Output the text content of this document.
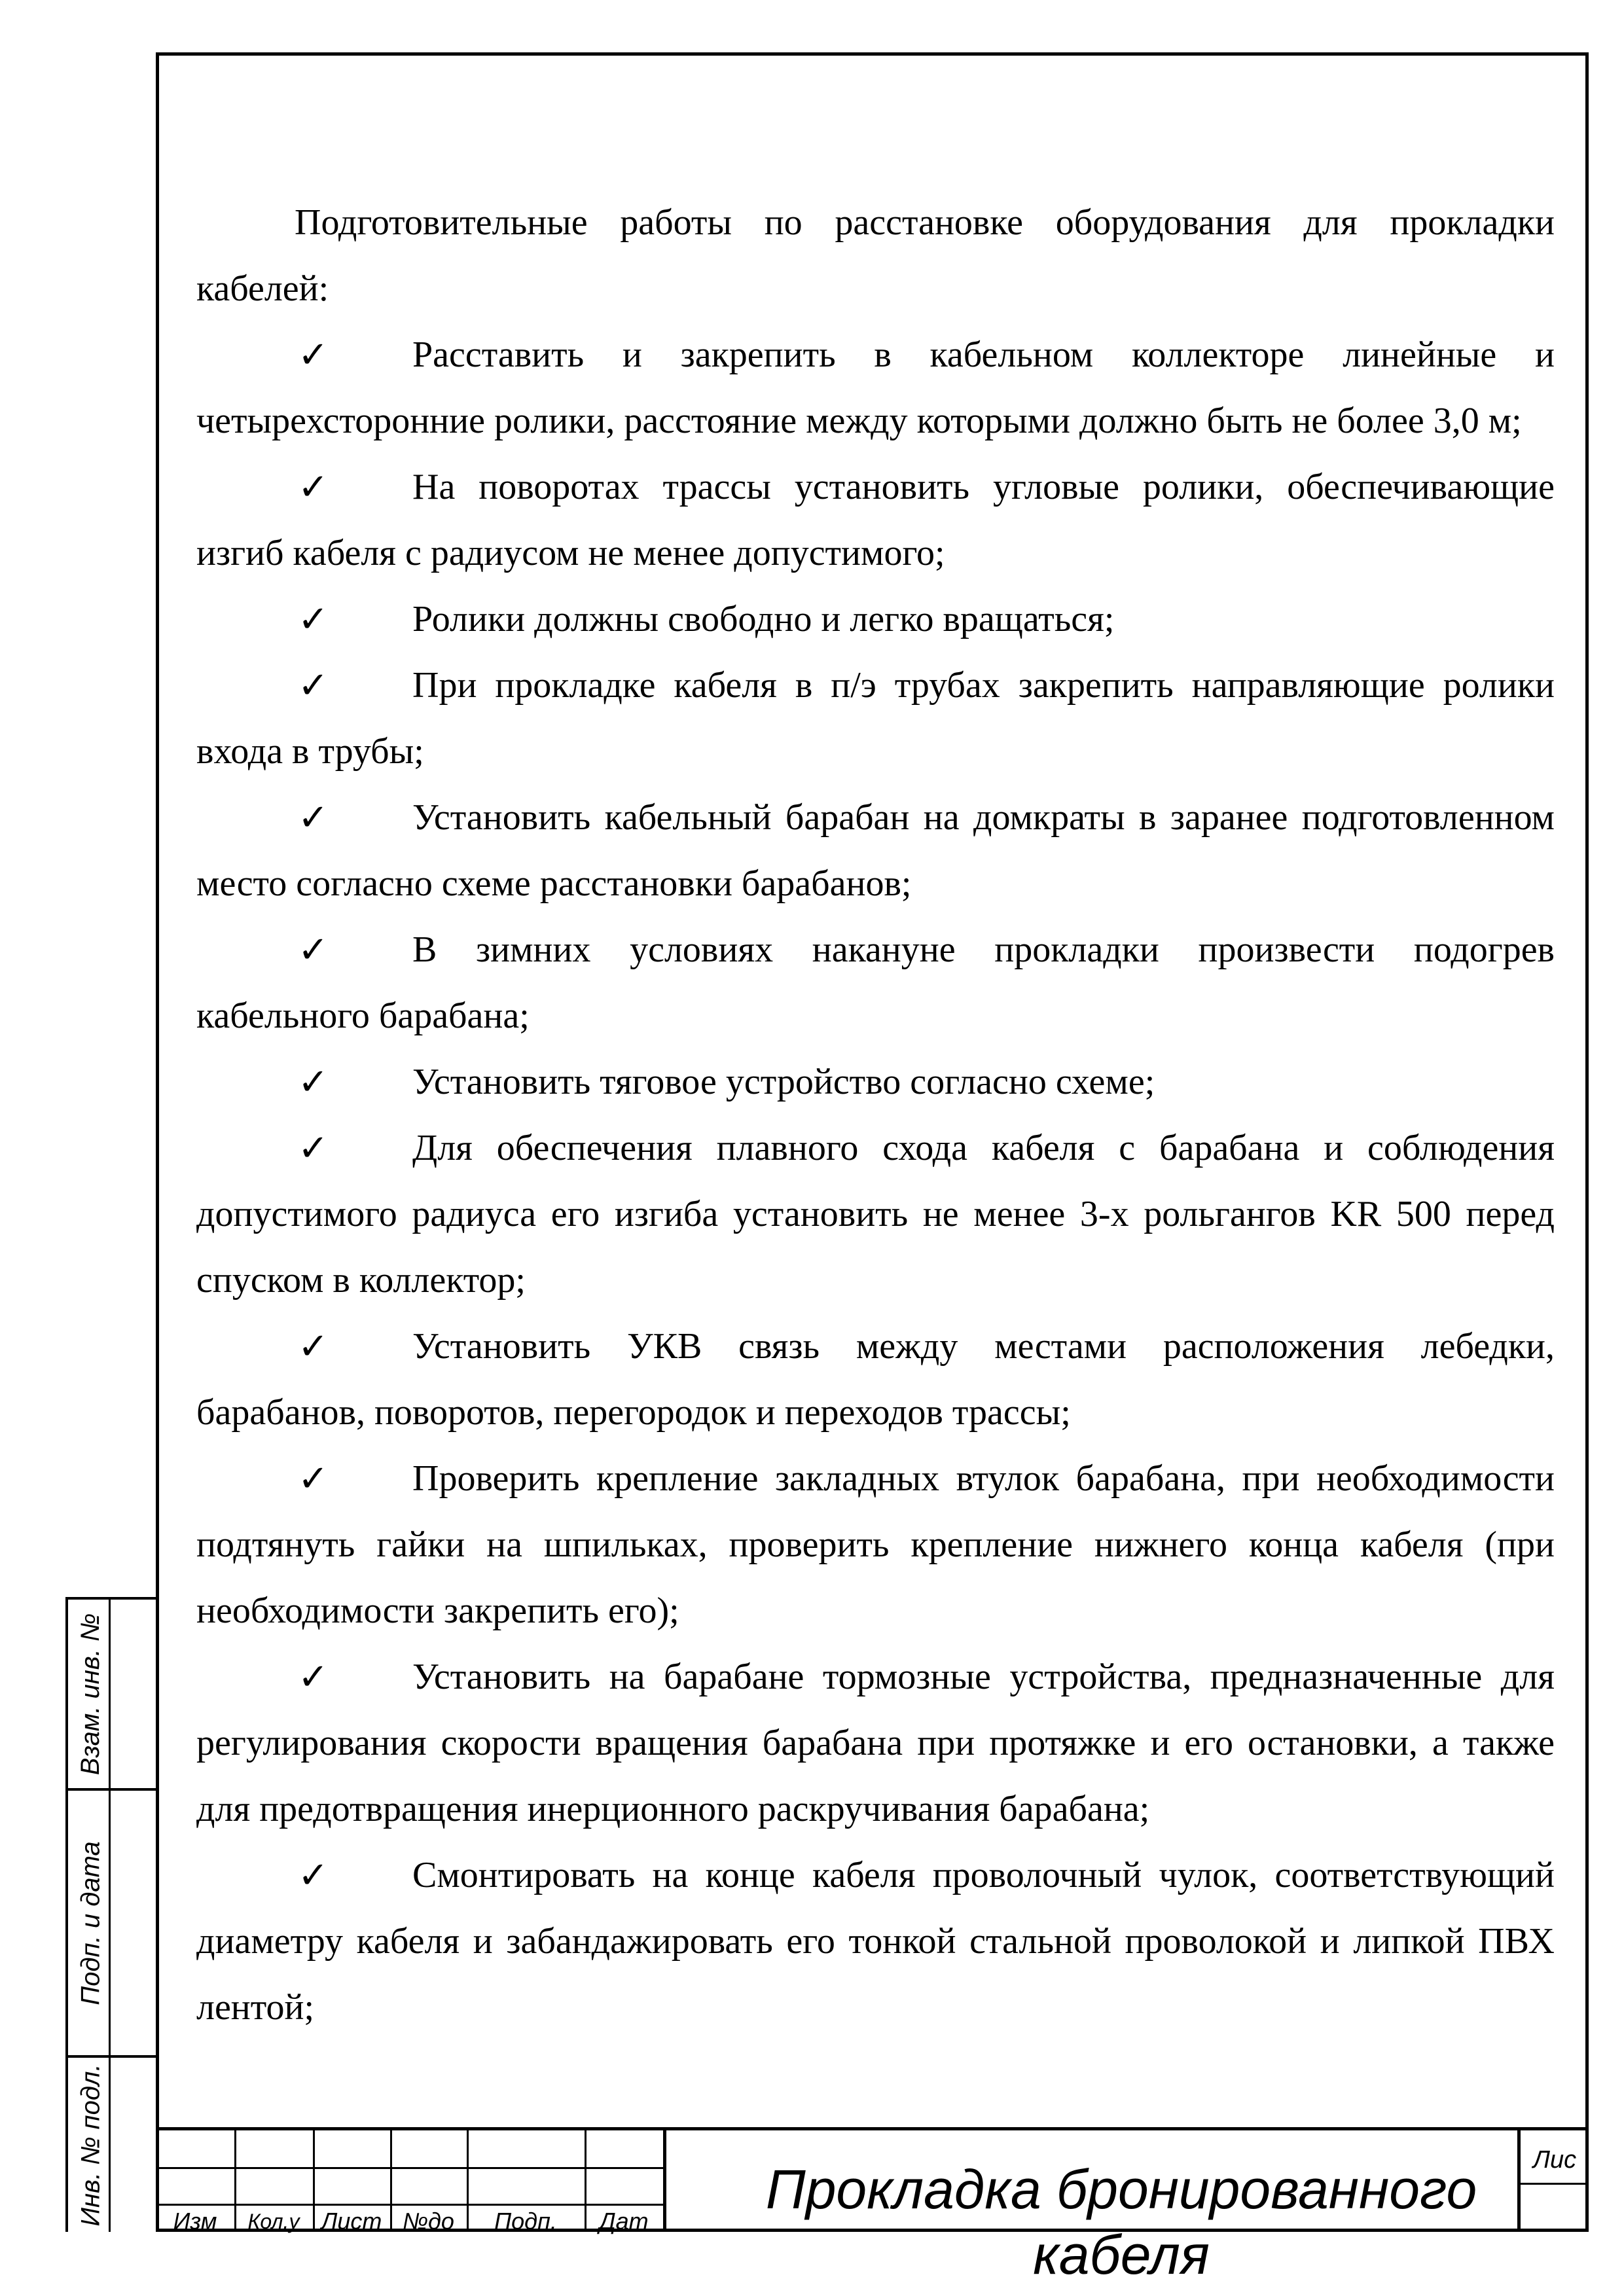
Подготовительные работы по расстановке оборудования для прокладки кабелей:

✓ Расставить и закрепить в кабельном коллекторе линейные и четырехсторонние ролики, расстояние между которыми должно быть не более 3,0 м;

✓ На поворотах трассы установить угловые ролики, обеспечивающие изгиб кабеля с радиусом не менее допустимого;

✓ Ролики должны свободно и легко вращаться;

✓ При прокладке кабеля в п/э трубах закрепить направляющие ролики входа в трубы;

✓ Установить кабельный барабан на домкраты в заранее подготовленном место согласно схеме расстановки барабанов;

✓ В зимних условиях накануне прокладки произвести подогрев кабельного барабана;

✓ Установить тяговое устройство согласно схеме;

✓ Для обеспечения плавного схода кабеля с барабана и соблюдения допустимого радиуса его изгиба установить не менее 3-х рольгангов KR 500 перед спуском в коллектор;

✓ Установить УКВ связь между местами расположения лебедки, барабанов, поворотов, перегородок и переходов трассы;

✓ Проверить крепление закладных втулок барабана, при необходимости подтянуть гайки на шпильках, проверить крепление нижнего конца кабеля (при необходимости закрепить его);

✓ Установить на барабане тормозные устройства, предназначенные для регулирования скорости вращения барабана при протяжке и его остановки, а также для предотвращения инерционного раскручивания барабана;

✓ Смонтировать на конце кабеля проволочный чулок, соответствующий диаметру кабеля и забандажировать его тонкой стальной проволокой и липкой ПВХ лентой;

Взам. инв. №
Подп. и дата
Инв. № подл.	Изм	Кол.у Лист №до	Подп.	Дат
Прокладка бронированного кабеля
Лис
